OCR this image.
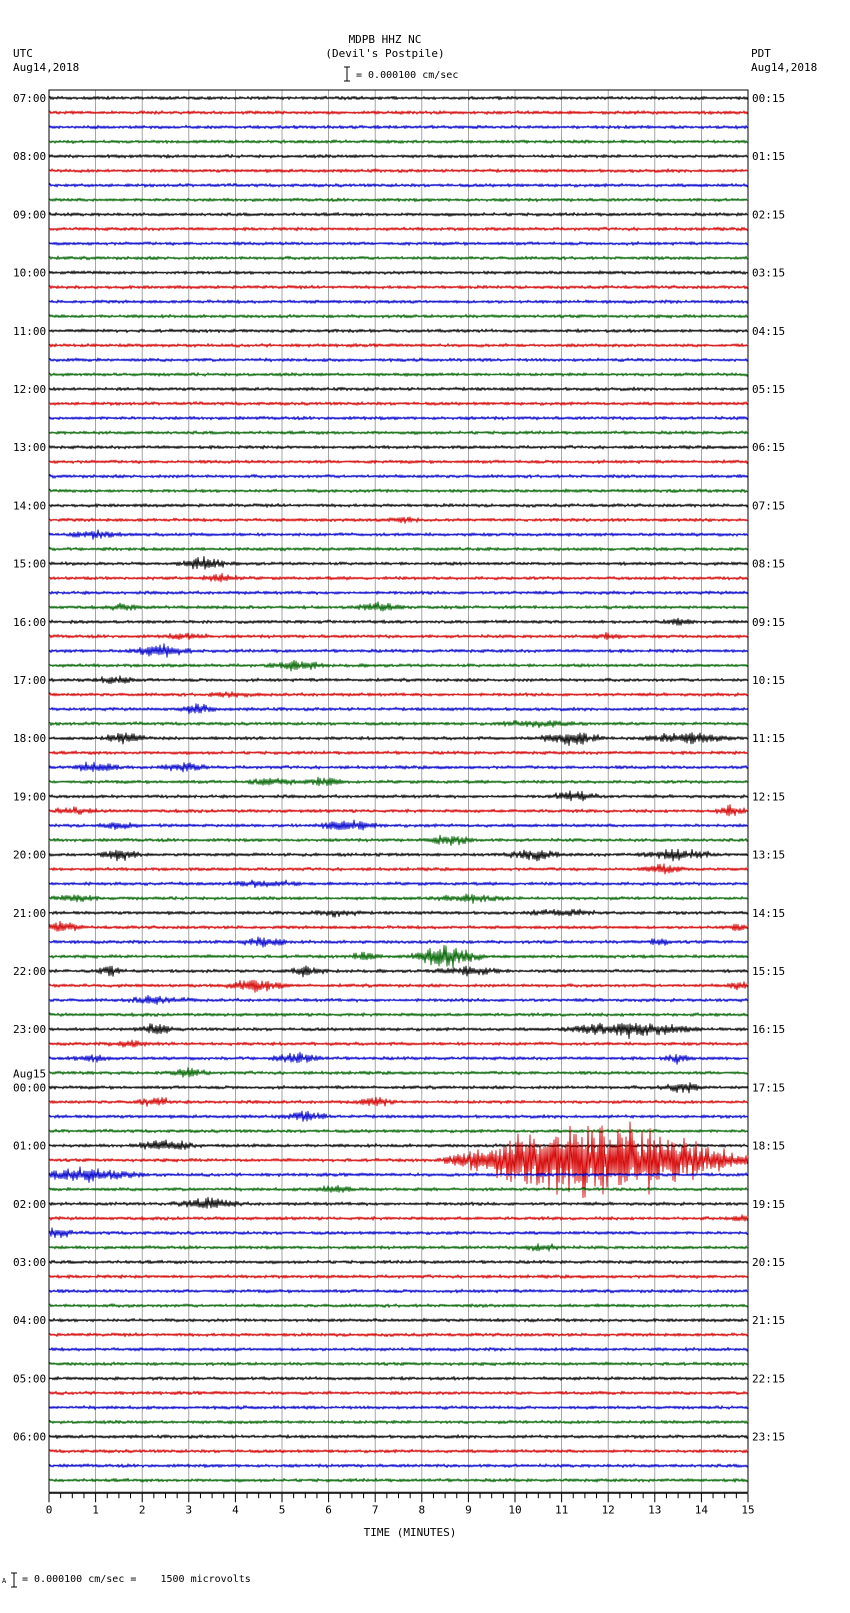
MDPB HHZ NC
(Devil's Postpile)
UTC
Aug14,2018
PDT
Aug14,2018
= 0.000100 cm/sec
0	1	2	3	4	5	6	7	8	9	10	11	12	13	14	15
07:00
08:00
09:00
10:00
11:00
12:00
13:00
14:00
15:00
16:00
17:00
18:00
19:00
20:00
21:00
22:00
23:00
00:00
Aug15
01:00
02:00
03:00
04:00
05:00
06:00
00:15
01:15
02:15
03:15
04:15
05:15
06:15
07:15
08:15
09:15
10:15
11:15
12:15
13:15
14:15
15:15
16:15
17:15
18:15
19:15
20:15
21:15
22:15
23:15
TIME (MINUTES)
A = 0.000100 cm/sec =    1500 microvolts
